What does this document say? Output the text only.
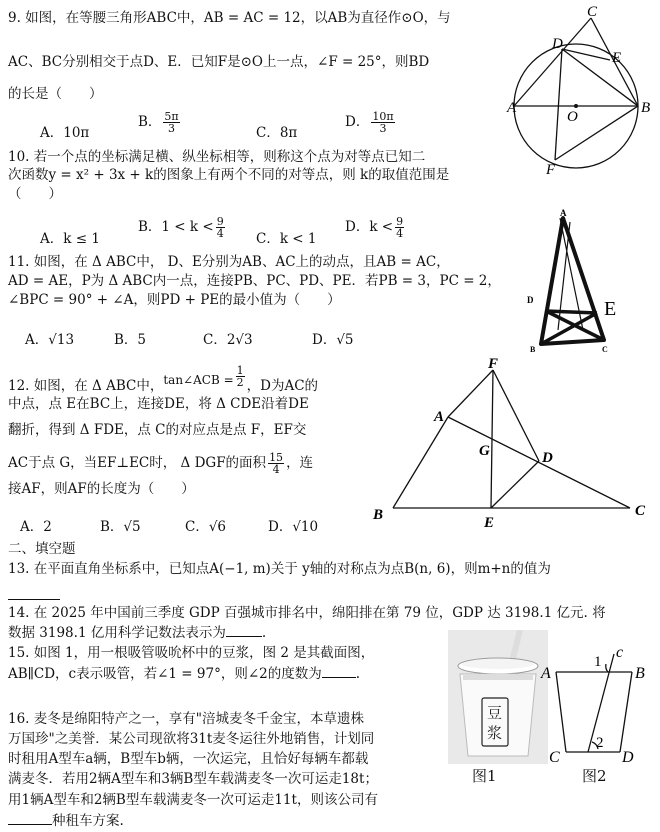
9. 如图，在等腰三角形ABC中，AB = AC = 12，以AB为直径作⊙O，与
AC、BC分别相交于点D、E．已知F是⊙O上一点，∠F = 25°，则BD
的长是（　　）
A．10π
B． $\frac{5\pi}{3}$	C．8π
D． $\frac{10\pi}{3}$
C
D
E
A	B
O
F
10. 若一个点的坐标满足横、纵坐标相等，则称这个点为对等点已知二
次函数y = x² + 3x + k的图象上有两个不同的对等点，则 k的取值范围是
（　　）
A．k ≤ 1
B．$1 < k < \frac{9}{4}$ C．k < 1
D．$k < \frac{9}{4}$
A
D	E
B	C
11. 如图，在 Δ ABC中， D、E分别为AB、AC上的动点，且AB = AC，
AD = AE，P为 Δ ABC内一点，连接PB、PC、PD、PE．若PB = 3，PC = 2，
∠BPC = 90° + ∠A，则PD + PE的最小值为（　　）
A．√13	B．5	C．2√3	D．√5
12. 如图，在 Δ ABC中，tan∠ACB = $\frac{1}{2}$ ，D为AC的
中点，点 E在BC上，连接DE，将 Δ CDE沿着DE
翻折，得到 Δ FDE，点 C的对应点是点 F，EF交
AC于点 G，当EF⊥EC时， Δ DGF的面积 $\frac{15}{4}$ ，连
接AF，则AF的长度为（　　）
A．2	B．√5	C．√6	D．√10
F
A
G	D
B	E
C
二、填空题
13. 在平面直角坐标系中，已知点A(−1, m)关于 y轴的对称点为点B(n, 6)，则m+n的值为
14. 在 2025 年中国前三季度 GDP 百强城市排名中，绵阳排在第 79 位，GDP 达 3198.1 亿元. 将
数据 3198.1 亿用科学记数法表示为	.
15. 如图 1，用一根吸管吸吮杯中的豆浆，图 2 是其截面图，
AB∥CD，c表示吸管，若∠1 = 97°，则∠2的度数为	.
豆
浆
图1
c
1
A	B
2
C	D
图2
16. 麦冬是绵阳特产之一，享有"涪城麦冬千金宝，本草遗株
万国珍"之美誉．某公司现欲将31t麦冬运往外地销售，计划同
时租用A型车a辆，B型车b辆，一次运完，且恰好每辆车都载
满麦冬．若用2辆A型车和3辆B型车载满麦冬一次可运走18t；
用1辆A型车和2辆B型车载满麦冬一次可运走11t，则该公司有
种租车方案.
